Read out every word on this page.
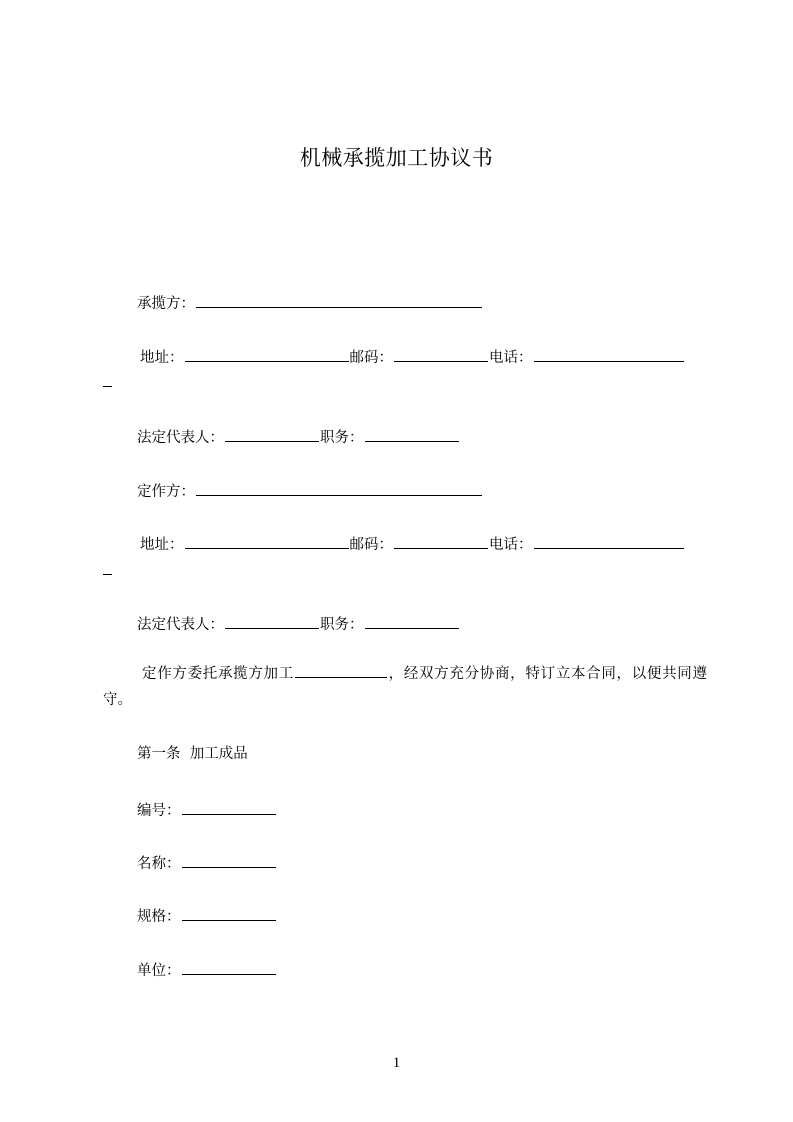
机械承揽加工协议书
承揽方：
地址：	邮码：	电话：
法定代表人：	职务：
定作方：
地址：	邮码：	电话：
法定代表人：	职务：
定作方委托承揽方加工	，经双方充分协商，特订立本合同，以便共同遵守。
第一条  加工成品
编号：
名称：
规格：
单位：
1
